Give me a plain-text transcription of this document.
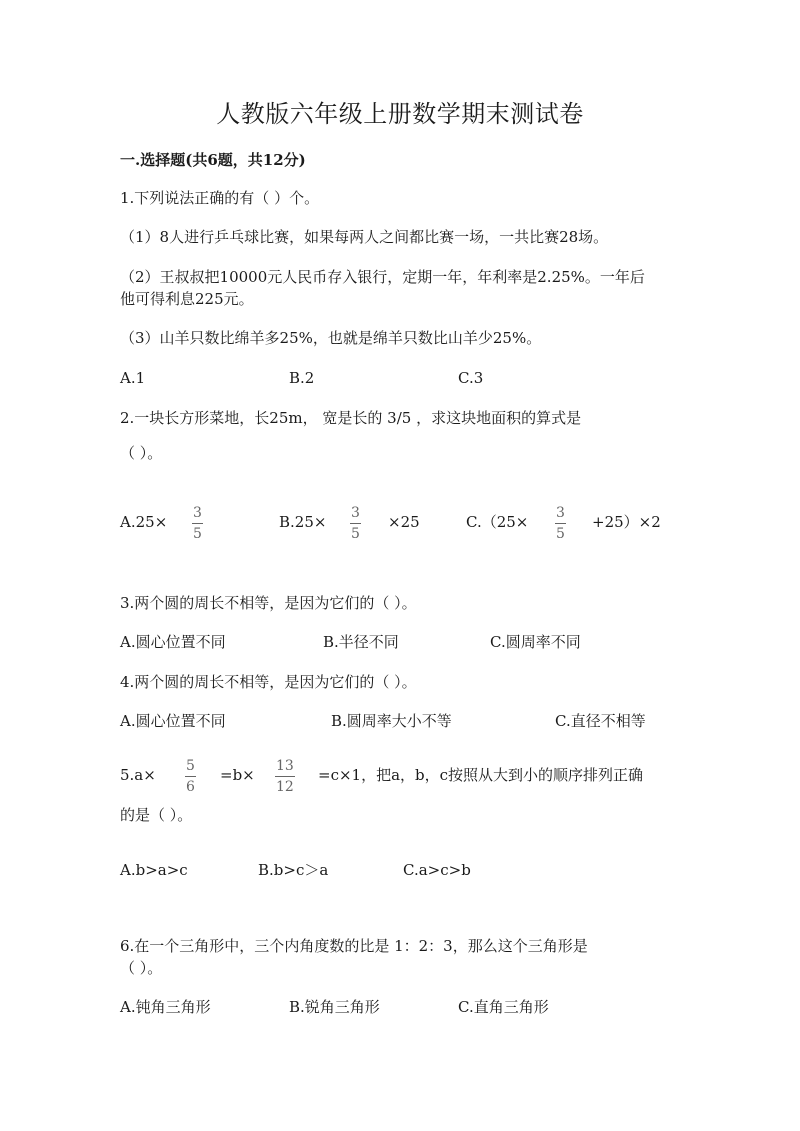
人教版六年级上册数学期末测试卷
一.选择题(共6题，共12分)
1.下列说法正确的有（ ）个。
（1）8人进行乒乓球比赛，如果每两人之间都比赛一场，一共比赛28场。
（2）王叔叔把10000元人民币存入银行，定期一年，年利率是2.25%。一年后
他可得利息225元。
（3）山羊只数比绵羊多25%，也就是绵羊只数比山羊少25%。
A.1	B.2	C.3
2.一块长方形菜地，长25m， 宽是长的 3/5 ，求这块地面积的算式是
（ ）。
A.25× 3
5
B.25× 3
5
×25	C.（25× 3
5
+25）×2
3.两个圆的周长不相等，是因为它们的（ ）。
A.圆心位置不同	B.半径不同	C.圆周率不同
4.两个圆的周长不相等，是因为它们的（ ）。
A.圆心位置不同	B.圆周率大小不等	C.直径不相等
5.a× 5
6
=b× 13
12
=c×1，把a，b，c按照从大到小的顺序排列正确
的是（ ）。
A.b>a>c	B.b>c＞a	C.a>c>b
6.在一个三角形中，三个内角度数的比是 1：2：3，那么这个三角形是
（ ）。
A.钝角三角形	B.锐角三角形	C.直角三角形
